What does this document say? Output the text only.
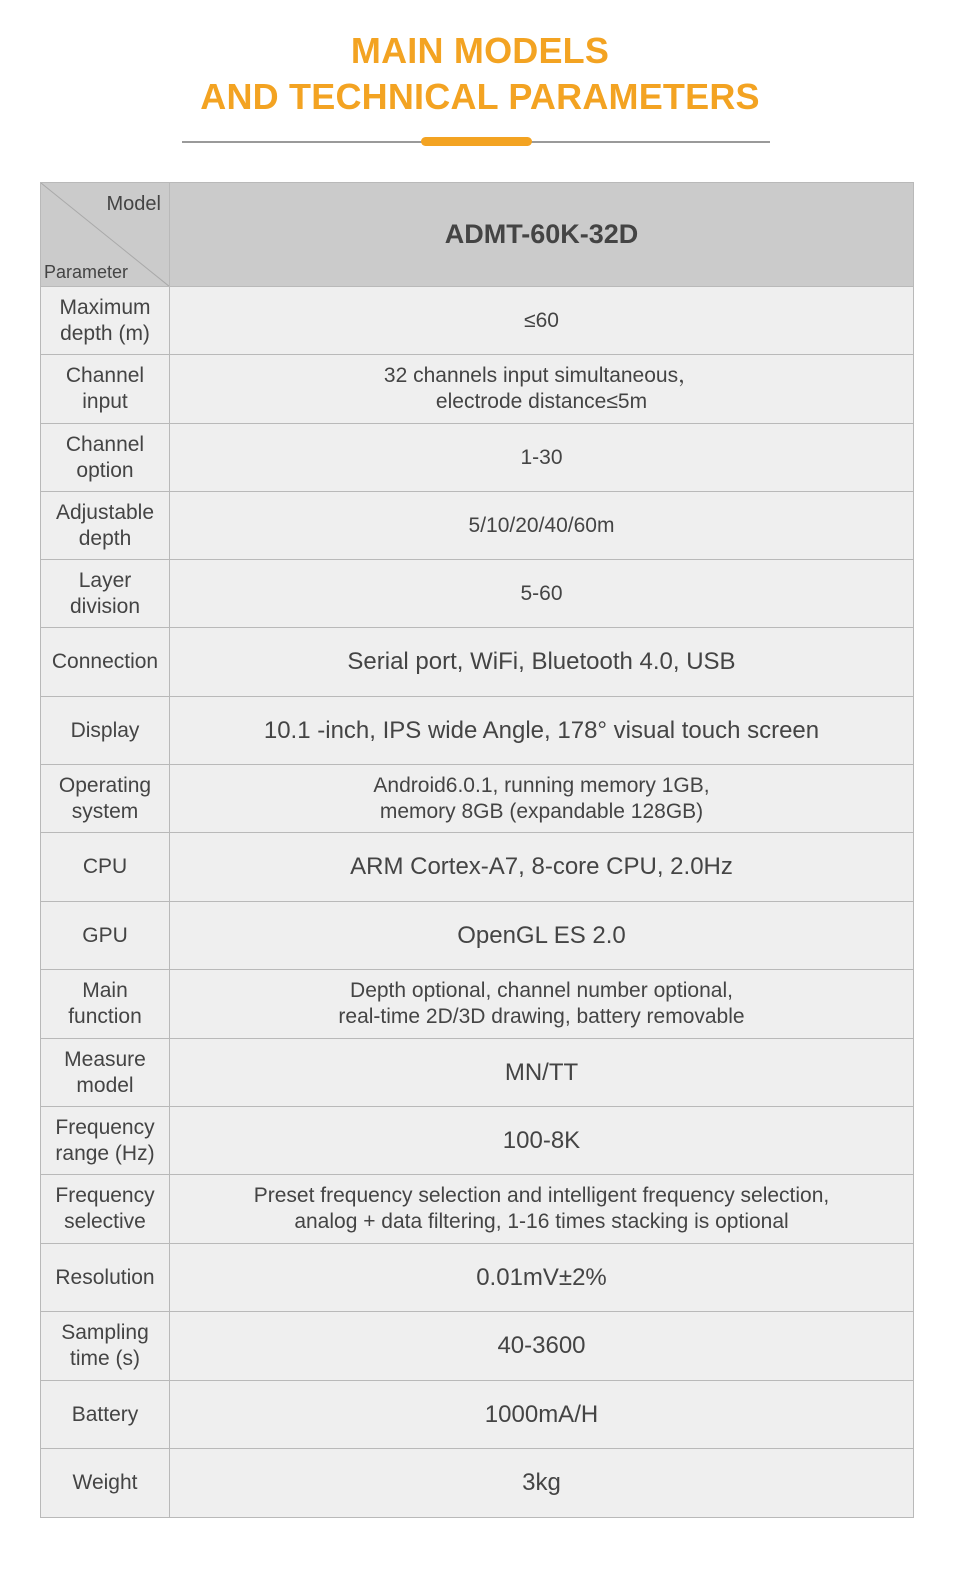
MAIN MODELS
AND TECHNICAL PARAMETERS
Model
Parameter	ADMT-60K-32D

Maximum
depth (m)	≤60

Channel
input	32 channels input simultaneous，
electrode distance≤5m

Channel
option	1-30

Adjustable
depth	5/10/20/40/60m

Layer
division	5-60

Connection	Serial port, WiFi, Bluetooth 4.0, USB

Display	10.1 -inch, IPS wide Angle, 178° visual touch screen

Operating
system	Android6.0.1, running memory 1GB,
memory 8GB (expandable 128GB)

CPU	ARM Cortex-A7, 8-core CPU, 2.0Hz

GPU	OpenGL ES 2.0

Main
function	Depth optional, channel number optional,
real-time 2D/3D drawing, battery removable

Measure
model	MN/TT

Frequency
range (Hz)	100-8K

Frequency
selective	Preset frequency selection and intelligent frequency selection,
analog + data filtering, 1-16 times stacking is optional

Resolution	0.01mV±2%

Sampling
time (s)	40-3600

Battery	1000mA/H

Weight	3kg
